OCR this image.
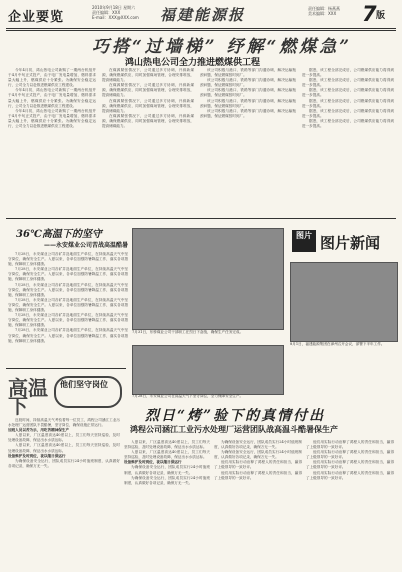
企业要览
2010年9月18日 星期六
责任编辑：XXX
E-mail：XXX@XXX.com 福建能源报	责任编辑：杨燕燕
美术编辑：XXX 7 版
巧搭“过墙梯” 纾解“燃煤急”
鸿山热电公司全力推进燃煤供工程

今年4月初，鸿山热电公司新购了一期两台机组并于4月中旬正式投产，由于电厂发电量增加，燃料需求量大幅上升，燃煤供应十分紧张。为确保安全稳定运行，公司全力以赴推进燃煤供应工程建设。

今年4月初，鸿山热电公司新购了一期两台机组并于4月中旬正式投产，由于电厂发电量增加，燃料需求量大幅上升，燃煤供应十分紧张。为确保安全稳定运行，公司全力以赴推进燃煤供应工程建设。

今年4月初，鸿山热电公司新购了一期两台机组并于4月中旬正式投产，由于电厂发电量增加，燃料需求量大幅上升，燃煤供应十分紧张。为确保安全稳定运行，公司全力以赴推进燃煤供应工程建设。

在煤源紧张情况下，公司通过多方协调，开辟新煤源，确保燃煤供应，同时加强煤场管理，合理安排堆放，提高储煤能力。

在煤源紧张情况下，公司通过多方协调，开辟新煤源，确保燃煤供应，同时加强煤场管理，合理安排堆放，提高储煤能力。

在煤源紧张情况下，公司通过多方协调，开辟新煤源，确保燃煤供应，同时加强煤场管理，合理安排堆放，提高储煤能力。

在煤源紧张情况下，公司通过多方协调，开辟新煤源，确保燃煤供应，同时加强煤场管理，合理安排堆放，提高储煤能力。

该公司积极与港口、铁路等部门沟通协调，解决运输瓶颈问题，保证燃煤按时到厂。

该公司积极与港口、铁路等部门沟通协调，解决运输瓶颈问题，保证燃煤按时到厂。

该公司积极与港口、铁路等部门沟通协调，解决运输瓶颈问题，保证燃煤按时到厂。

该公司积极与港口、铁路等部门沟通协调，解决运输瓶颈问题，保证燃煤按时到厂。

该公司积极与港口、铁路等部门沟通协调，解决运输瓶颈问题，保证燃煤按时到厂。

据悉，该工程全部完成后，公司燃煤供应能力将得到进一步提高。

据悉，该工程全部完成后，公司燃煤供应能力将得到进一步提高。

据悉，该工程全部完成后，公司燃煤供应能力将得到进一步提高。

据悉，该工程全部完成后，公司燃煤供应能力将得到进一步提高。

据悉，该工程全部完成后，公司燃煤供应能力将得到进一步提高。

据悉，该工程全部完成后，公司燃煤供应能力将得到进一步提高。

36℃高温下的坚守
——永安煤业公司苦战高温酷暑

7月28日，永安煤业公司各矿井及地面生产单位，在持续高温天气中坚守岗位，确保安全生产。入夏以来，各单位加强防暑降温工作，落实各项措施，保障职工身体健康。

7月28日，永安煤业公司各矿井及地面生产单位，在持续高温天气中坚守岗位，确保安全生产。入夏以来，各单位加强防暑降温工作，落实各项措施，保障职工身体健康。

7月28日，永安煤业公司各矿井及地面生产单位，在持续高温天气中坚守岗位，确保安全生产。入夏以来，各单位加强防暑降温工作，落实各项措施，保障职工身体健康。

7月28日，永安煤业公司各矿井及地面生产单位，在持续高温天气中坚守岗位，确保安全生产。入夏以来，各单位加强防暑降温工作，落实各项措施，保障职工身体健康。

7月28日，永安煤业公司各矿井及地面生产单位，在持续高温天气中坚守岗位，确保安全生产。入夏以来，各单位加强防暑降温工作，落实各项措施，保障职工身体健康。

7月28日，永安煤业公司各矿井及地面生产单位，在持续高温天气中坚守岗位，确保安全生产。入夏以来，各单位加强防暑降温工作，落实各项措施，保障职工身体健康。

图片 图片新闻
7月31日，东桥煤业公司干部职工在烈日下奋战，确保生产任务完成。
8月1日，福建能源集团在漳州召开会议，部署下半年工作。
7月28日，永安煤业公司在高温天气下坚守岗位，全力保障安全生产。
高温
下
他们坚守岗位
烈日“烤”验下的真情付出
鸿程公司涵江工业污水处理厂运营团队战高温斗酷暑保生产

近段时间，持续高温天气考验着每一位员工，鸿程公司涵江工业污水处理厂运营团队不畏酷暑，坚守岗位，确保设施正常运行。

加班人员以苦为乐，用吃苦精神保生产

入夏以来，厂区温度高达40度以上，员工们每天坚持巡检，及时处理设备故障，保证出水水质达标。

入夏以来，厂区温度高达40度以上，员工们每天坚持巡检，及时处理设备故障，保证出水水质达标。

设备维护及时到位，夜以继日保运行

为确保设备安全运行，团队成员实行24小时值班制度，认真做好各项记录，确保万无一失。

入夏以来，厂区温度高达40度以上，员工们每天坚持巡检，及时处理设备故障，保证出水水质达标。

入夏以来，厂区温度高达40度以上，员工们每天坚持巡检，及时处理设备故障，保证出水水质达标。

设备维护及时到位，夜以继日保运行

为确保设备安全运行，团队成员实行24小时值班制度，认真做好各项记录，确保万无一失。

为确保设备安全运行，团队成员实行24小时值班制度，认真做好各项记录，确保万无一失。

为确保设备安全运行，团队成员实行24小时值班制度，认真做好各项记录，确保万无一失。

为确保设备安全运行，团队成员实行24小时值班制度，认真做好各项记录，确保万无一失。

他们用实际行动诠释了鸿程人的责任和担当，赢得了上级领导的一致好评。

他们用实际行动诠释了鸿程人的责任和担当，赢得了上级领导的一致好评。

他们用实际行动诠释了鸿程人的责任和担当，赢得了上级领导的一致好评。

他们用实际行动诠释了鸿程人的责任和担当，赢得了上级领导的一致好评。

他们用实际行动诠释了鸿程人的责任和担当，赢得了上级领导的一致好评。

他们用实际行动诠释了鸿程人的责任和担当，赢得了上级领导的一致好评。
